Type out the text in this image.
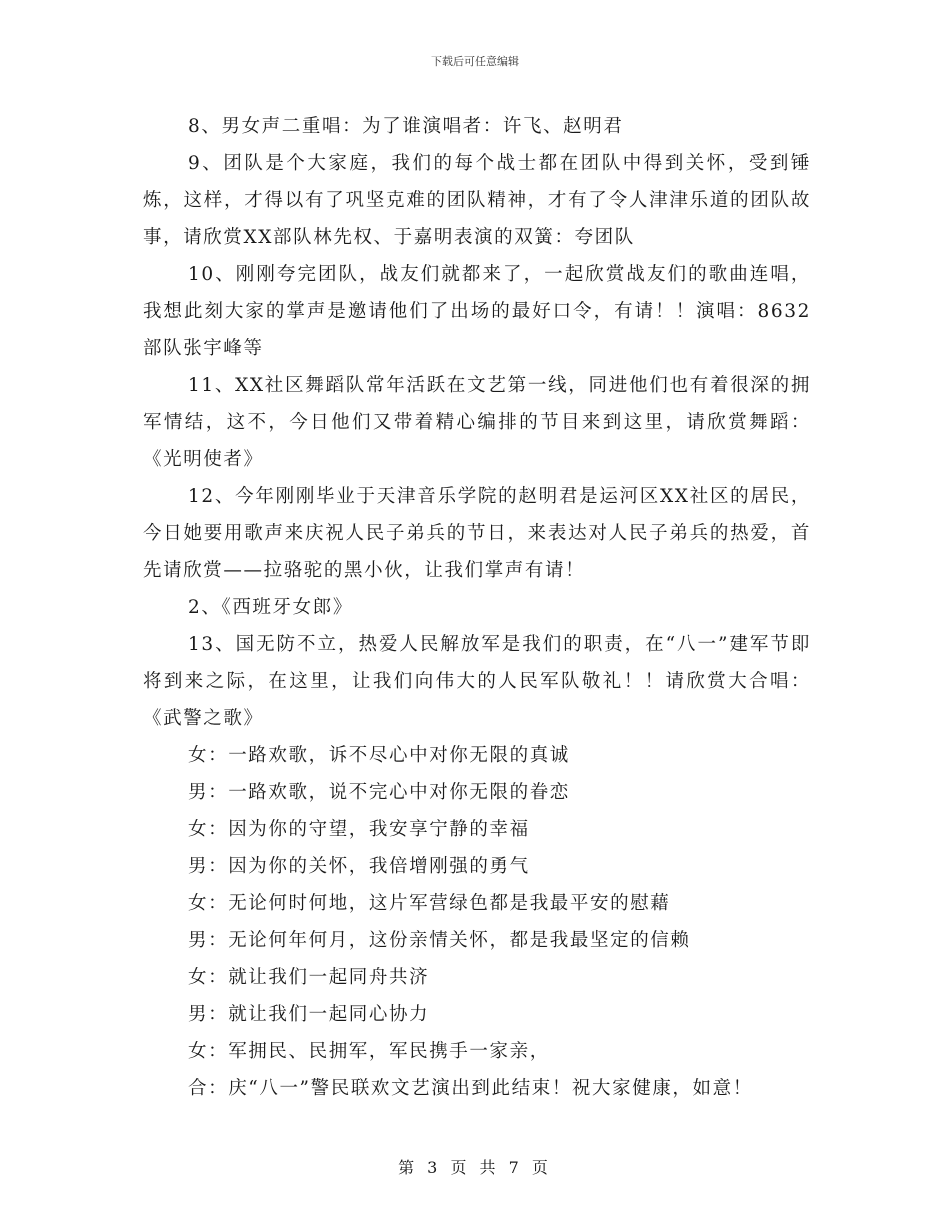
下载后可任意编辑

8、男女声二重唱：为了谁演唱者：许飞、赵明君

9、团队是个大家庭，我们的每个战士都在团队中得到关怀，受到锤炼，这样，才得以有了巩坚克难的团队精神，才有了令人津津乐道的团队故事，请欣赏XX部队林先权、于嘉明表演的双簧：夸团队

10、刚刚夸完团队，战友们就都来了，一起欣赏战友们的歌曲连唱，我想此刻大家的掌声是邀请他们了出场的最好口令，有请！！演唱：8632部队张宇峰等

11、XX社区舞蹈队常年活跃在文艺第一线，同进他们也有着很深的拥军情结，这不，今日他们又带着精心编排的节目来到这里，请欣赏舞蹈：《光明使者》

12、今年刚刚毕业于天津音乐学院的赵明君是运河区XX社区的居民，今日她要用歌声来庆祝人民子弟兵的节日，来表达对人民子弟兵的热爱，首先请欣赏——拉骆驼的黑小伙，让我们掌声有请！

2、《西班牙女郎》

13、国无防不立，热爱人民解放军是我们的职责，在“八一”建军节即将到来之际，在这里，让我们向伟大的人民军队敬礼！！请欣赏大合唱：《武警之歌》

女：一路欢歌，诉不尽心中对你无限的真诚

男：一路欢歌，说不完心中对你无限的眷恋

女：因为你的守望，我安享宁静的幸福

男：因为你的关怀，我倍增刚强的勇气

女：无论何时何地，这片军营绿色都是我最平安的慰藉

男：无论何年何月，这份亲情关怀，都是我最坚定的信赖

女：就让我们一起同舟共济

男：就让我们一起同心协力

女：军拥民、民拥军，军民携手一家亲，

合：庆“八一”警民联欢文艺演出到此结束！祝大家健康，如意！

第 3 页 共 7 页
